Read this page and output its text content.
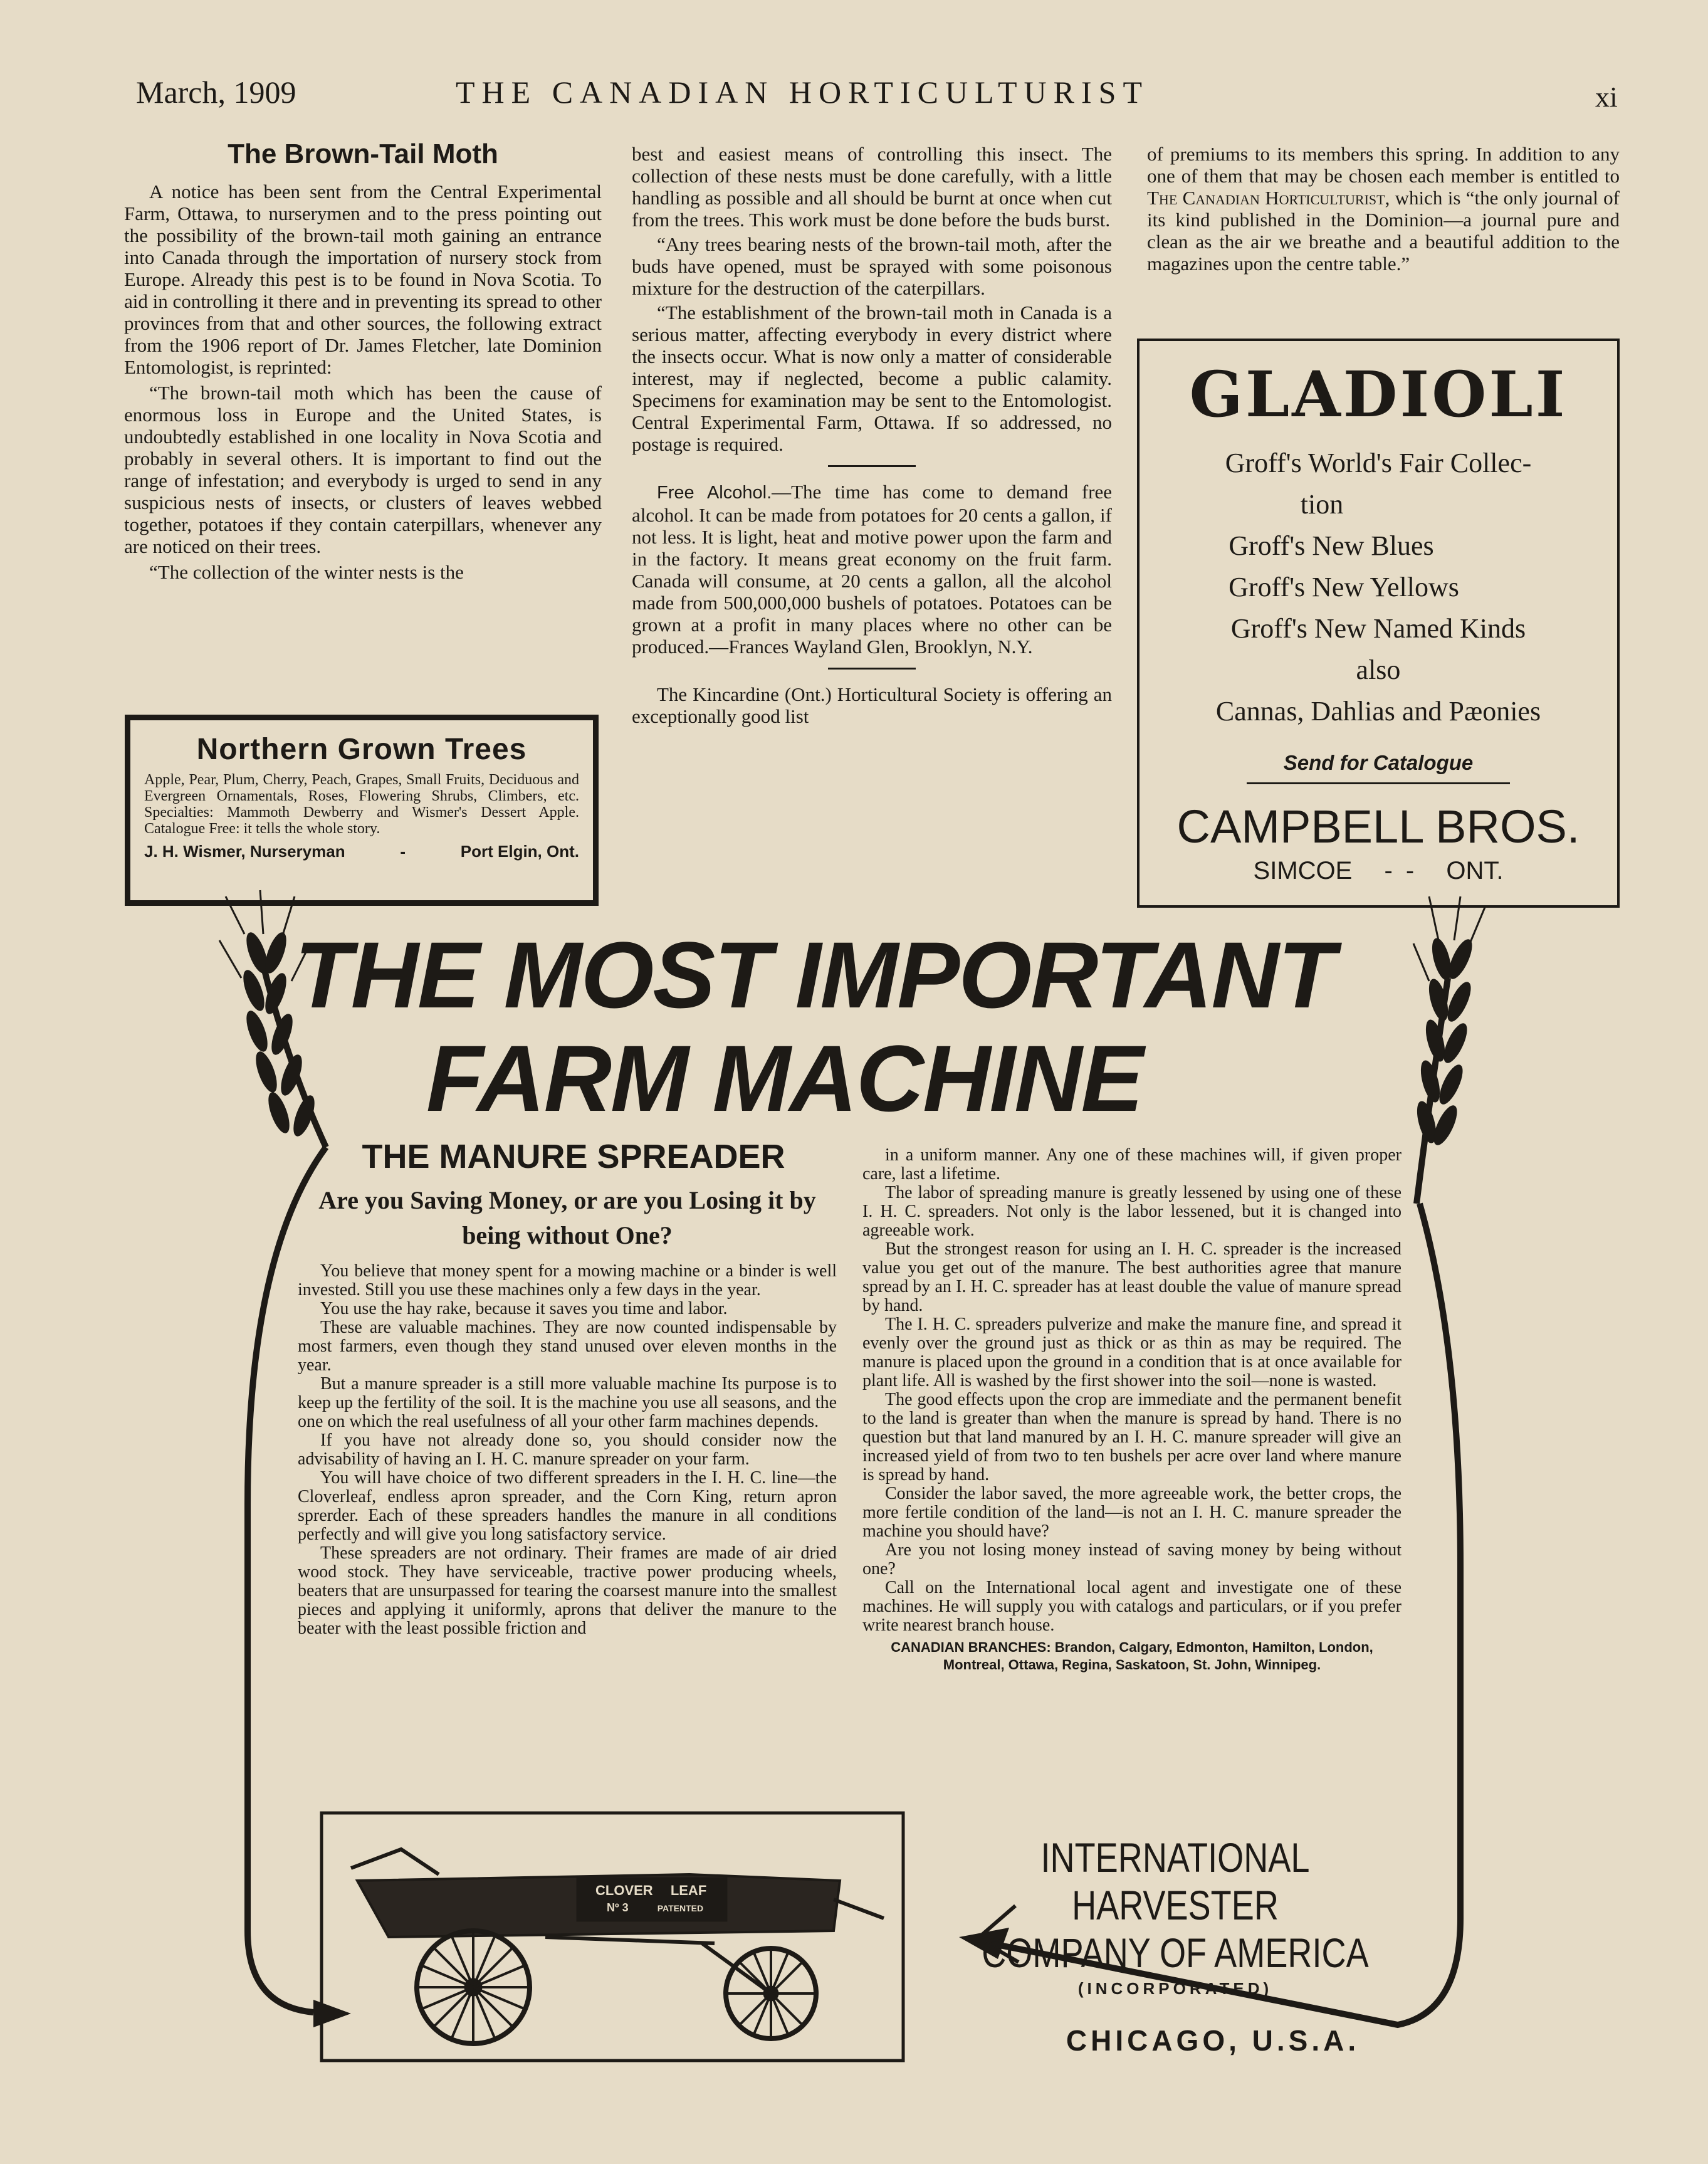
March, 1909	THE CANADIAN HORTICULTURIST	xi
The Brown-Tail Moth

A notice has been sent from the Central Experimental Farm, Ottawa, to nurserymen and to the press pointing out the possibility of the brown-tail moth gaining an entrance into Canada through the importation of nursery stock from Europe. Already this pest is to be found in Nova Scotia. To aid in controlling it there and in preventing its spread to other provinces from that and other sources, the following extract from the 1906 report of Dr. James Fletcher, late Dominion Entomologist, is reprinted:

“The brown-tail moth which has been the cause of enormous loss in Europe and the United States, is undoubtedly established in one locality in Nova Scotia and probably in several others. It is important to find out the range of infestation; and everybody is urged to send in any suspicious nests of insects, or clusters of leaves webbed together, potatoes if they contain caterpillars, whenever any are noticed on their trees.

“The collection of the winter nests is the

Northern Grown Trees
Apple, Pear, Plum, Cherry, Peach, Grapes, Small Fruits, Deciduous and Evergreen Ornamentals, Roses, Flowering Shrubs, Climbers, etc. Specialties: Mammoth Dewberry and Wismer's Dessert Apple. Catalogue Free: it tells the whole story.
J. H. Wismer, Nurseryman	-	Port Elgin, Ont.

best and easiest means of controlling this insect. The collection of these nests must be done carefully, with a little handling as possible and all should be burnt at once when cut from the trees. This work must be done before the buds burst.

“Any trees bearing nests of the brown-tail moth, after the buds have opened, must be sprayed with some poisonous mixture for the destruction of the caterpillars.

“The establishment of the brown-tail moth in Canada is a serious matter, affecting everybody in every district where the insects occur. What is now only a matter of considerable interest, may if neglected, become a public calamity. Specimens for examination may be sent to the Entomologist. Central Experimental Farm, Ottawa. If so addressed, no postage is required.

Free Alcohol.—The time has come to demand free alcohol. It can be made from potatoes for 20 cents a gallon, if not less. It is light, heat and motive power upon the farm and in the factory. It means great economy on the fruit farm. Canada will consume, at 20 cents a gallon, all the alcohol made from 500,000,000 bushels of potatoes. Potatoes can be grown at a profit in many places where no other can be produced.—Frances Wayland Glen, Brooklyn, N.Y.

The Kincardine (Ont.) Horticultural Society is offering an exceptionally good list

of premiums to its members this spring. In addition to any one of them that may be chosen each member is entitled to The Canadian Horticulturist, which is “the only journal of its kind published in the Dominion—a journal pure and clean as the air we breathe and a beautiful addition to the magazines upon the centre table.”

GLADIOLI
Groff's World's Fair Collec-
tion
Groff's New Blues
Groff's New Yellows
Groff's New Named Kinds
also
Cannas, Dahlias and Pæonies
Send for Catalogue
CAMPBELL BROS.
SIMCOE - - ONT.
CLOVER LEAF
Nº 3	PATENTED
THE MOST IMPORTANT
FARM MACHINE
THE MANURE SPREADER
Are you Saving Money, or are you Losing it by being without One?

You believe that money spent for a mowing machine or a binder is well invested. Still you use these machines only a few days in the year.

You use the hay rake, because it saves you time and labor.

These are valuable machines. They are now counted indispensable by most farmers, even though they stand unused over eleven months in the year.

But a manure spreader is a still more valuable machine Its purpose is to keep up the fertility of the soil. It is the machine you use all seasons, and the one on which the real usefulness of all your other farm machines depends.

If you have not already done so, you should consider now the advisability of having an I. H. C. manure spreader on your farm.

You will have choice of two different spreaders in the I. H. C. line—the Cloverleaf, endless apron spreader, and the Corn King, return apron sprerder. Each of these spreaders handles the manure in all conditions perfectly and will give you long satisfactory service.

These spreaders are not ordinary. Their frames are made of air dried wood stock. They have serviceable, tractive power producing wheels, beaters that are unsurpassed for tearing the coarsest manure into the smallest pieces and applying it uniformly, aprons that deliver the manure to the beater with the least possible friction and

in a uniform manner. Any one of these machines will, if given proper care, last a lifetime.

The labor of spreading manure is greatly lessened by using one of these I. H. C. spreaders. Not only is the labor lessened, but it is changed into agreeable work.

But the strongest reason for using an I. H. C. spreader is the increased value you get out of the manure. The best authorities agree that manure spread by an I. H. C. spreader has at least double the value of manure spread by hand.

The I. H. C. spreaders pulverize and make the manure fine, and spread it evenly over the ground just as thick or as thin as may be required. The manure is placed upon the ground in a condition that is at once available for plant life. All is washed by the first shower into the soil—none is wasted.

The good effects upon the crop are immediate and the permanent benefit to the land is greater than when the manure is spread by hand. There is no question but that land manured by an I. H. C. manure spreader will give an increased yield of from two to ten bushels per acre over land where manure is spread by hand.

Consider the labor saved, the more agreeable work, the better crops, the more fertile condition of the land—is not an I. H. C. manure spreader the machine you should have?

Are you not losing money instead of saving money by being without one?

Call on the International local agent and investigate one of these machines. He will supply you with catalogs and particulars, or if you prefer write nearest branch house.

CANADIAN BRANCHES: Brandon, Calgary, Edmonton, Hamilton, London, Montreal, Ottawa, Regina, Saskatoon, St. John, Winnipeg.
INTERNATIONAL HARVESTER
COMPANY OF AMERICA
(INCORPORATED)
CHICAGO, U.S.A.
